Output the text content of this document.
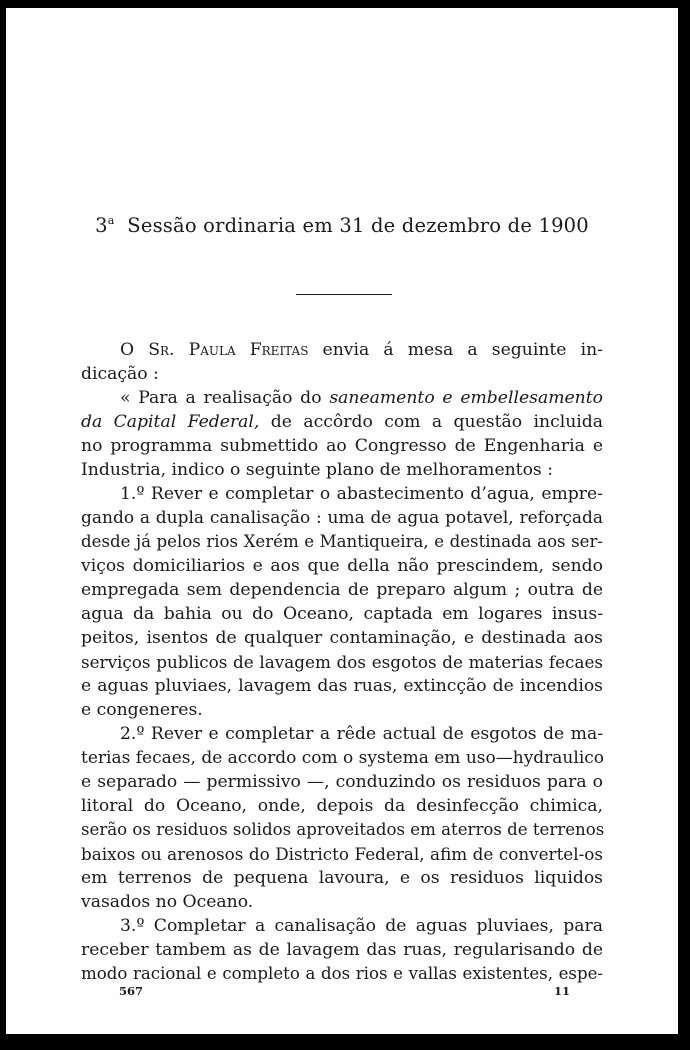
3$^a$ Sessão ordinaria em 31 de dezembro de 1900
O Sr. Paula Freitas envia á mesa a seguinte in-
dicação :
« Para a realisação do saneamento e embellesamento
da Capital Federal, de accôrdo com a questão incluida
no programma submettido ao Congresso de Engenharia e
Industria, indico o seguinte plano de melhoramentos :
1.º Rever e completar o abastecimento d’agua, empre-
gando a dupla canalisação : uma de agua potavel, reforçada
desde já pelos rios Xerém e Mantiqueira, e destinada aos ser-
viços domiciliarios e aos que della não prescindem, sendo
empregada sem dependencia de preparo algum ; outra de
agua da bahia ou do Oceano, captada em logares insus-
peitos, isentos de qualquer contaminação, e destinada aos
serviços publicos de lavagem dos esgotos de materias fecaes
e aguas pluviaes, lavagem das ruas, extincção de incendios
e congeneres.
2.º Rever e completar a rêde actual de esgotos de ma-
terias fecaes, de accordo com o systema em uso—hydraulico
e separado — permissivo —, conduzindo os residuos para o
litoral do Oceano, onde, depois da desinfecção chimica,
serão os residuos solidos aproveitados em aterros de terrenos
baixos ou arenosos do Districto Federal, afim de convertel-os
em terrenos de pequena lavoura, e os residuos liquidos
vasados no Oceano.
3.º Completar a canalisação de aguas pluviaes, para
receber tambem as de lavagem das ruas, regularisando de
modo racional e completo a dos rios e vallas existentes, espe-
567	11
